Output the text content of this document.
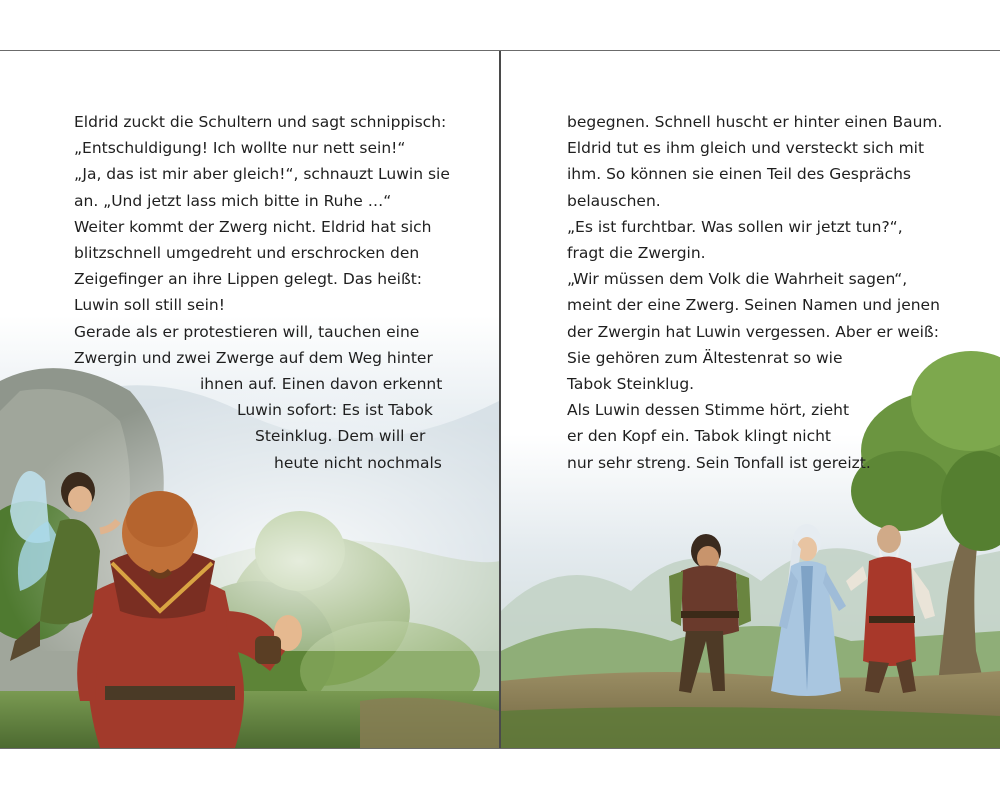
Eldrid zuckt die Schultern und sagt schnippisch:
„Entschuldigung! Ich wollte nur nett sein!“
„Ja, das ist mir aber gleich!“, schnauzt Luwin sie
an. „Und jetzt lass mich bitte in Ruhe …“
Weiter kommt der Zwerg nicht. Eldrid hat sich
blitzschnell umgedreht und erschrocken den
Zeigefinger an ihre Lippen gelegt. Das heißt:
Luwin soll still sein!
Gerade als er protestieren will, tauchen eine
Zwergin und zwei Zwerge auf dem Weg hinter
ihnen auf. Einen davon erkennt
Luwin sofort: Es ist Tabok
Steinklug. Dem will er
heute nicht nochmals
begegnen. Schnell huscht er hinter einen Baum.
Eldrid tut es ihm gleich und versteckt sich mit
ihm. So können sie einen Teil des Gesprächs
belauschen.
„Es ist furchtbar. Was sollen wir jetzt tun?“,
fragt die Zwergin.
„Wir müssen dem Volk die Wahrheit sagen“,
meint der eine Zwerg. Seinen Namen und jenen
der Zwergin hat Luwin vergessen. Aber er weiß:
Sie gehören zum Ältestenrat so wie
Tabok Steinklug.
Als Luwin dessen Stimme hört, zieht
er den Kopf ein. Tabok klingt nicht
nur sehr streng. Sein Tonfall ist gereizt.
